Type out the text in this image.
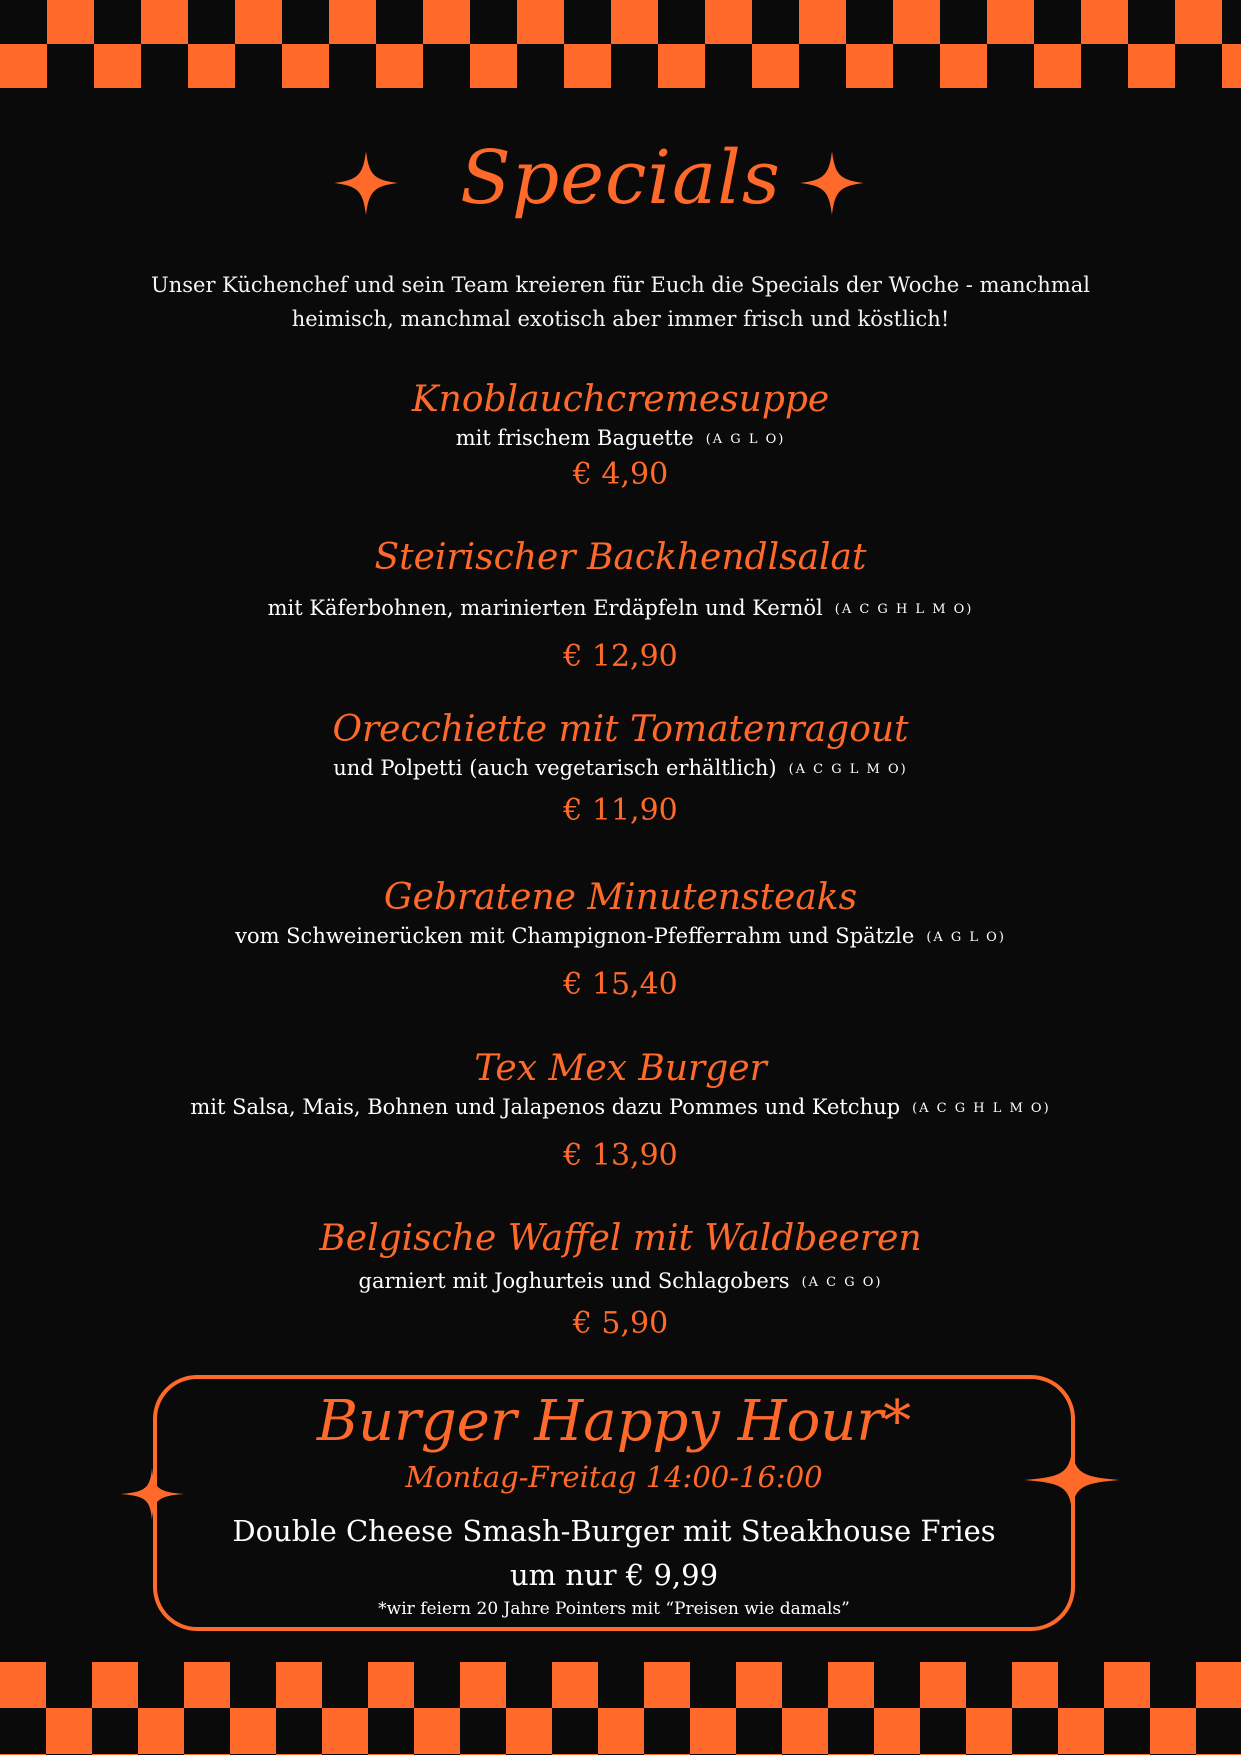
Specials
Unser Küchenchef und sein Team kreieren für Euch die Specials der Woche - manchmal
heimisch, manchmal exotisch aber immer frisch und köstlich!
Knoblauchcremesuppe
mit frischem Baguette (A G L O)
€ 4,90
Steirischer Backhendlsalat
mit Käferbohnen, marinierten Erdäpfeln und Kernöl (A C G H L M O)
€ 12,90
Orecchiette mit Tomatenragout
und Polpetti (auch vegetarisch erhältlich) (A C G L M O)
€ 11,90
Gebratene Minutensteaks
vom Schweinerücken mit Champignon-Pfefferrahm und Spätzle (A G L O)
€ 15,40
Tex Mex Burger
mit Salsa, Mais, Bohnen und Jalapenos dazu Pommes und Ketchup (A C G H L M O)
€ 13,90
Belgische Waffel mit Waldbeeren
garniert mit Joghurteis und Schlagobers (A C G O)
€ 5,90
Burger Happy Hour*
Montag-Freitag 14:00-16:00
Double Cheese Smash-Burger mit Steakhouse Fries
um nur € 9,99
*wir feiern 20 Jahre Pointers mit “Preisen wie damals”
